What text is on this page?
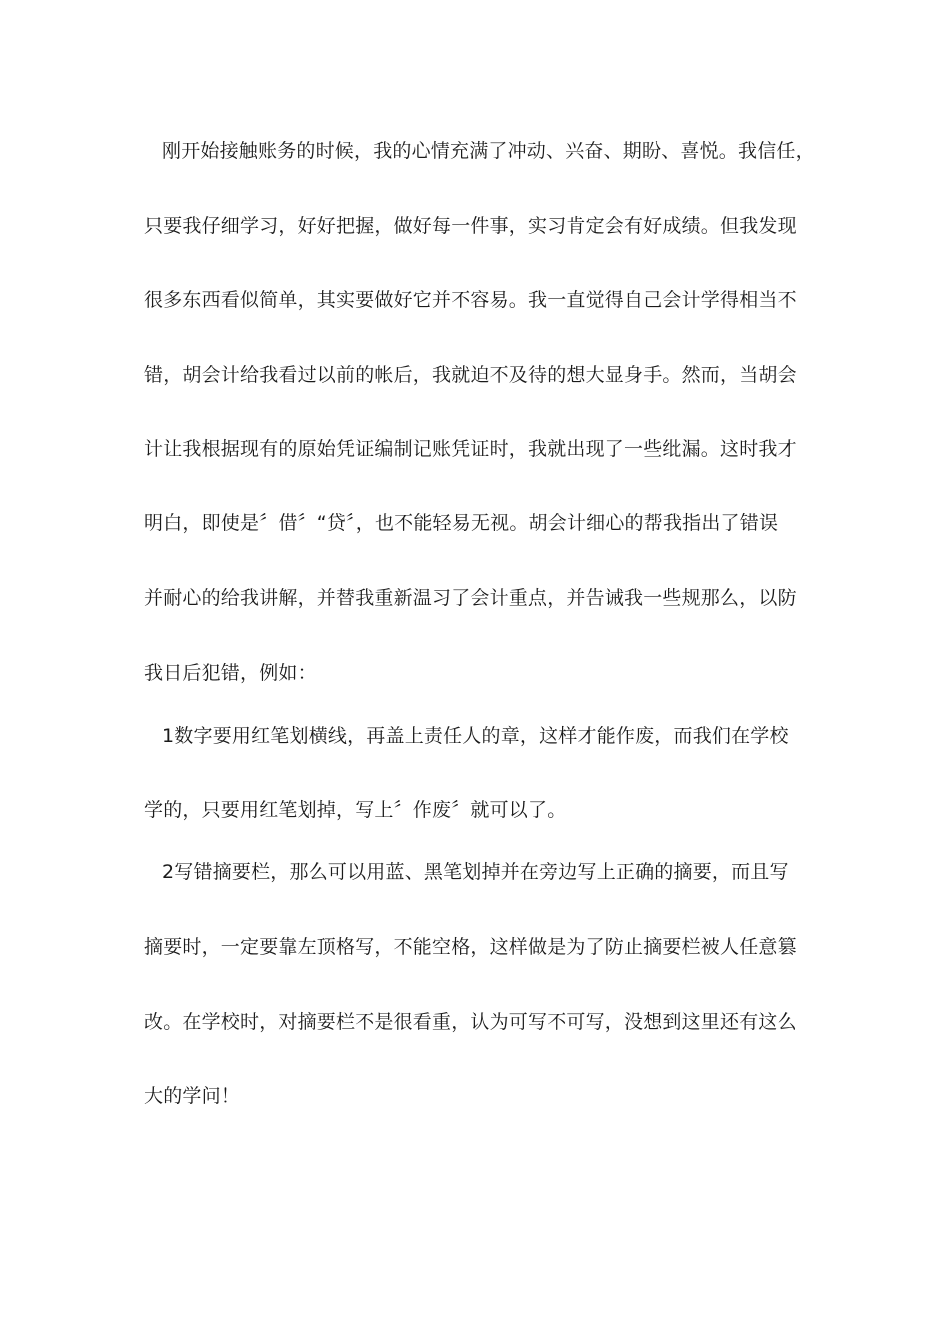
刚开始接触账务的时候，我的心情充满了冲动、兴奋、期盼、喜悦。我信任，
只要我仔细学习，好好把握，做好每一件事，实习肯定会有好成绩。但我发现
很多东西看似简单，其实要做好它并不容易。我一直觉得自己会计学得相当不
错，胡会计给我看过以前的帐后，我就迫不及待的想大显身手。然而，当胡会
计让我根据现有的原始凭证编制记账凭证时，我就出现了一些纰漏。这时我才
明白，即使是〞借〞“贷〞，也不能轻易无视。胡会计细心的帮我指出了错误
并耐心的给我讲解，并替我重新温习了会计重点，并告诫我一些规那么，以防
我日后犯错，例如：
1数字要用红笔划横线，再盖上责任人的章，这样才能作废，而我们在学校
学的，只要用红笔划掉，写上〞作废〞就可以了。
2写错摘要栏，那么可以用蓝、黑笔划掉并在旁边写上正确的摘要，而且写
摘要时，一定要靠左顶格写，不能空格，这样做是为了防止摘要栏被人任意篡
改。在学校时，对摘要栏不是很看重，认为可写不可写，没想到这里还有这么
大的学问！
